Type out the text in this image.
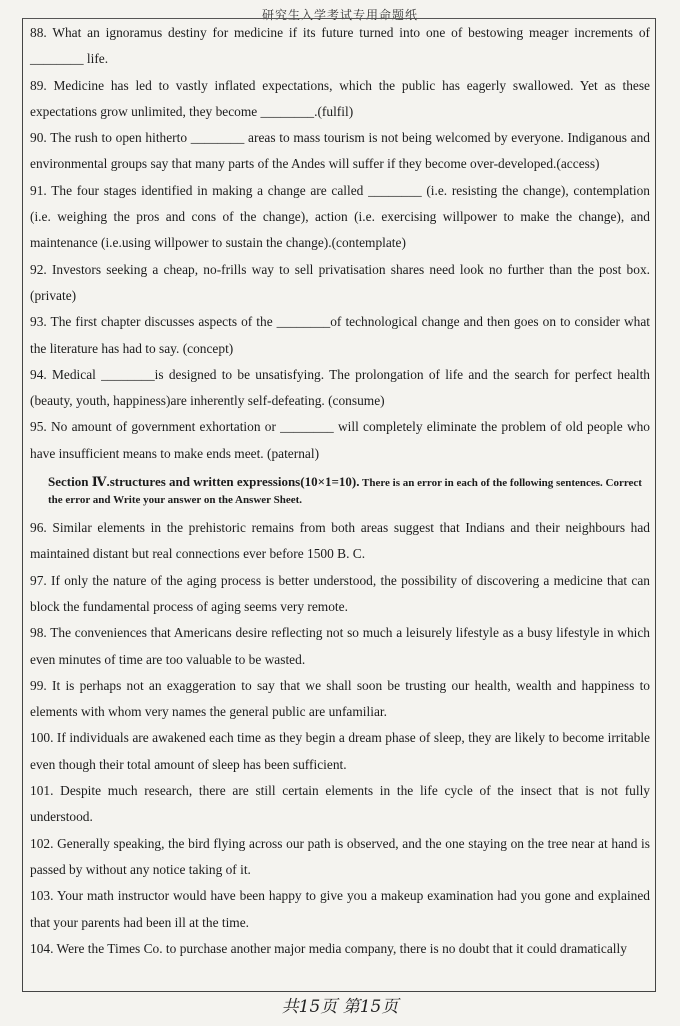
研究生入学考试专用命题纸

88. What an ignoramus destiny for medicine if its future turned into one of bestowing meager increments of ________ life.

89. Medicine has led to vastly inflated expectations, which the public has eagerly swallowed. Yet as these expectations grow unlimited, they become ________.(fulfil)

90. The rush to open hitherto ________ areas to mass tourism is not being welcomed by everyone. Indiganous and environmental groups say that many parts of the Andes will suffer if they become over-developed.(access)

91. The four stages identified in making a change are called ________ (i.e. resisting the change), contemplation (i.e. weighing the pros and cons of the change), action (i.e. exercising willpower to make the change), and maintenance (i.e.using willpower to sustain the change).(contemplate)

92. Investors seeking a cheap, no-frills way to sell privatisation shares need look no further than the post box. (private)

93. The first chapter discusses aspects of the ________of technological change and then goes on to consider what the literature has had to say. (concept)

94. Medical ________is designed to be unsatisfying. The prolongation of life and the search for perfect health (beauty, youth, happiness)are inherently self-defeating. (consume)

95. No amount of government exhortation or ________ will completely eliminate the problem of old people who have insufficient means to make ends meet. (paternal)

Section Ⅳ.structures and written expressions(10×1=10). There is an error in each of the following sentences. Correct the error and Write your answer on the Answer Sheet.

96. Similar elements in the prehistoric remains from both areas suggest that Indians and their neighbours had maintained distant but real connections ever before 1500 B. C.

97. If only the nature of the aging process is better understood, the possibility of discovering a medicine that can block the fundamental process of aging seems very remote.

98. The conveniences that Americans desire reflecting not so much a leisurely lifestyle as a busy lifestyle in which even minutes of time are too valuable to be wasted.

99. It is perhaps not an exaggeration to say that we shall soon be trusting our health, wealth and happiness to elements with whom very names the general public are unfamiliar.

100. If individuals are awakened each time as they begin a dream phase of sleep, they are likely to become irritable even though their total amount of sleep has been sufficient.

101. Despite much research, there are still certain elements in the life cycle of the insect that is not fully understood.

102. Generally speaking, the bird flying across our path is observed, and the one staying on the tree near at hand is passed by without any notice taking of it.

103. Your math instructor would have been happy to give you a makeup examination had you gone and explained that your parents had been ill at the time.

104. Were the Times Co. to purchase another major media company, there is no doubt that it could dramatically

共15页 第15页
